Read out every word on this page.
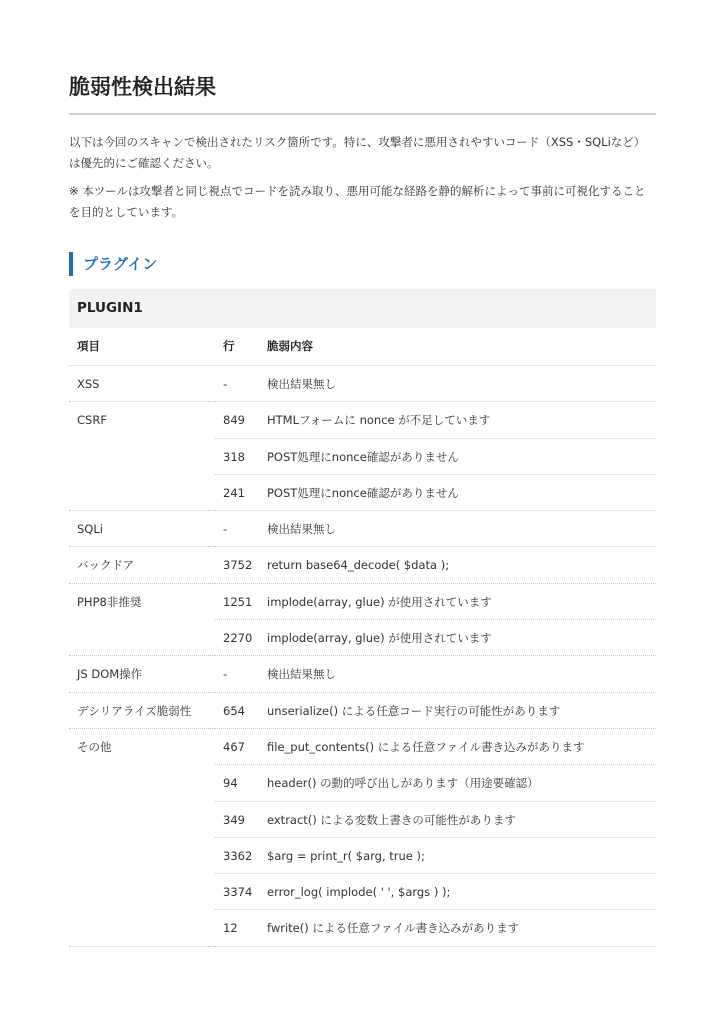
脆弱性検出結果
以下は今回のスキャンで検出されたリスク箇所です。特に、攻撃者に悪用されやすいコード（XSS・SQLiなど）は優先的にご確認ください。
※ 本ツールは攻撃者と同じ視点でコードを読み取り、悪用可能な経路を静的解析によって事前に可視化することを目的としています。
プラグイン
PLUGIN1
項目	行	脆弱内容
XSS	-	検出結果無し
CSRF	849 HTMLフォームに nonce が不足しています
318 POST処理にnonce確認がありません
241 POST処理にnonce確認がありません
SQLi	-	検出結果無し
バックドア	3752 return base64_decode( $data );
PHP8非推奨	1251 implode(array, glue) が使用されています
2270 implode(array, glue) が使用されています
JS DOM操作	-	検出結果無し
デシリアライズ脆弱性	654 unserialize() による任意コード実行の可能性があります
その他	467 file_put_contents() による任意ファイル書き込みがあります
94	header() の動的呼び出しがあります（用途要確認）
349 extract() による変数上書きの可能性があります
3362 $arg = print_r( $arg, true );
3374 error_log( implode( ' ', $args ) );
12	fwrite() による任意ファイル書き込みがあります
